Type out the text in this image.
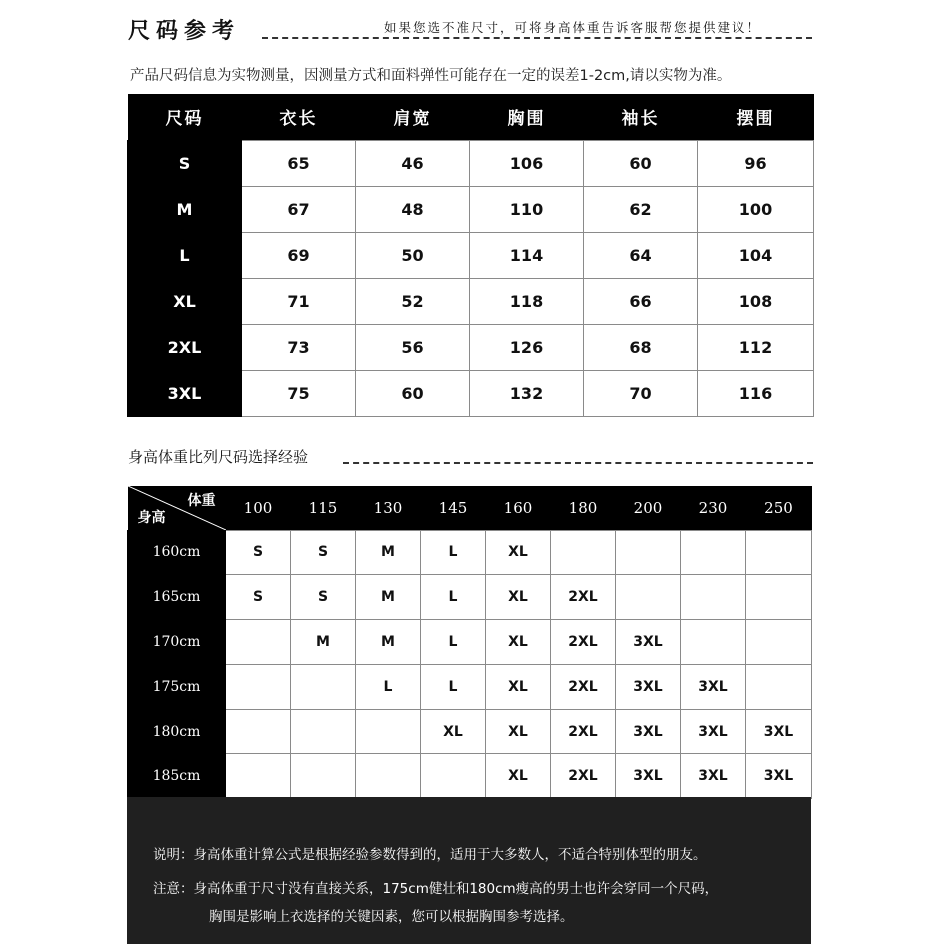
尺码参考	如果您选不准尺寸，可将身高体重告诉客服帮您提供建议！
产品尺码信息为实物测量，因测量方式和面料弹性可能存在一定的误差1-2cm,请以实物为准。
尺码	衣长	肩宽	胸围	袖长	摆围
S	65	46	106	60	96
M	67	48	110	62	100
L	69	50	114	64	104
XL	71	52	118	66	108
2XL	73	56	126	68	112
3XL	75	60	132	70	116
身高体重比列尺码选择经验
体重
身高	100	115	130	145	160	180	200	230	250
160cm	S	S	M	L	XL				
165cm	S	S	M	L	XL	2XL			
170cm		M	M	L	XL	2XL	3XL		
175cm			L	L	XL	2XL	3XL	3XL	
180cm				XL	XL	2XL	3XL	3XL	3XL
185cm					XL	2XL	3XL	3XL	3XL

说明：身高体重计算公式是根据经验参数得到的，适用于大多数人，不适合特别体型的朋友。

注意：身高体重于尺寸没有直接关系，175cm健壮和180cm瘦高的男士也许会穿同一个尺码，

胸围是影响上衣选择的关键因素，您可以根据胸围参考选择。
